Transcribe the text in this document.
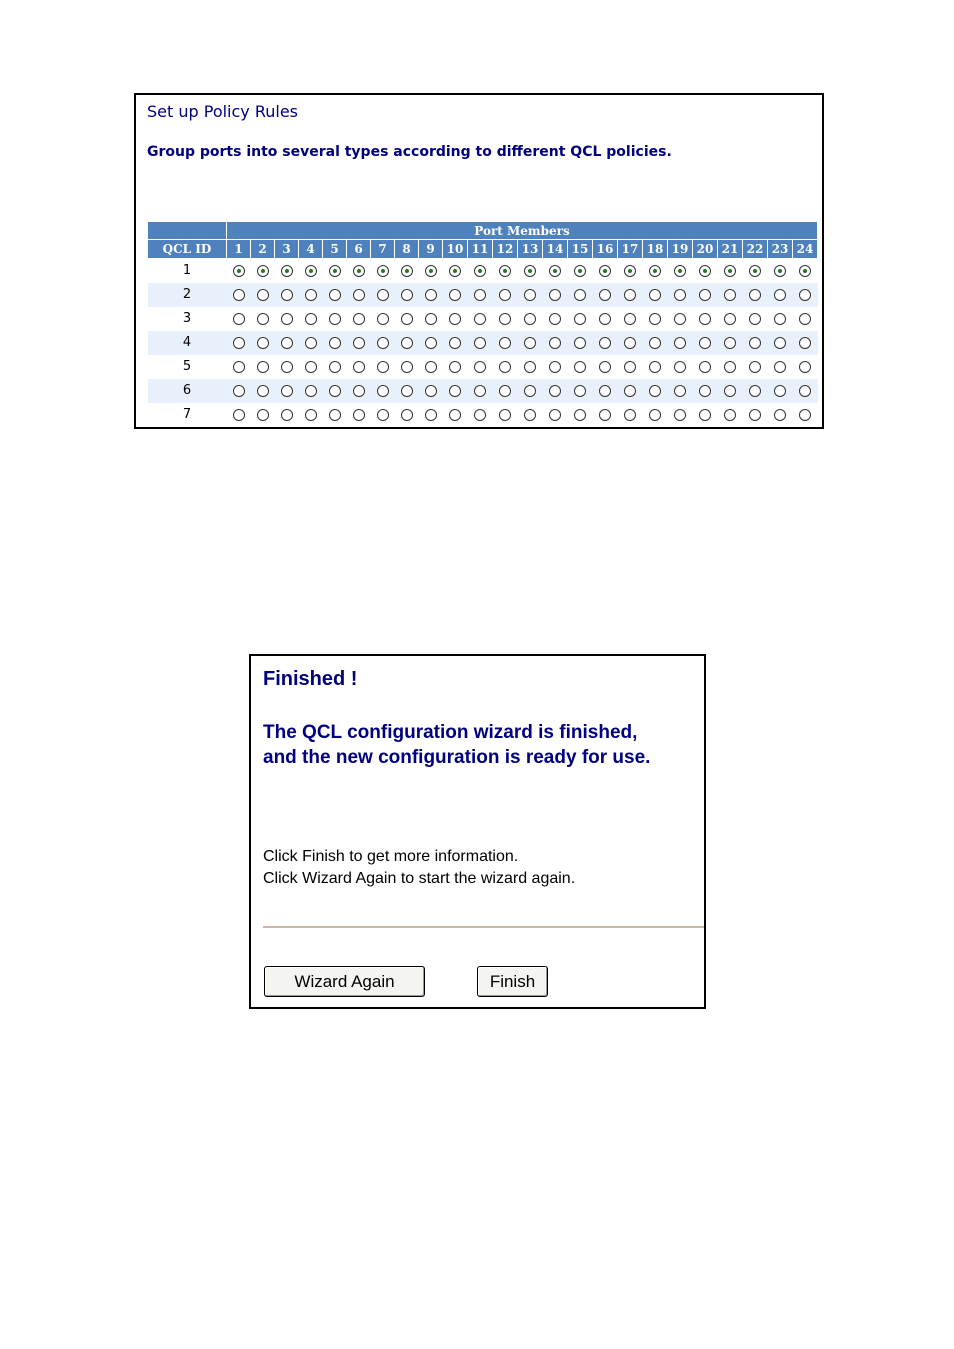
Set up Policy Rules
Group ports into several types according to different QCL policies.
	Port Members																							
QCL ID	1	2	3	4	5	6	7	8	9	10	11	12	13	14	15	16	17	18	19	20	21	22	23	24
1																								
2																								
3																								
4																								
5																								
6																								
7																								
Finished !
The QCL configuration wizard is finished,
and the new configuration is ready for use.
Click Finish to get more information.
Click Wizard Again to start the wizard again.
Wizard Again	Finish
